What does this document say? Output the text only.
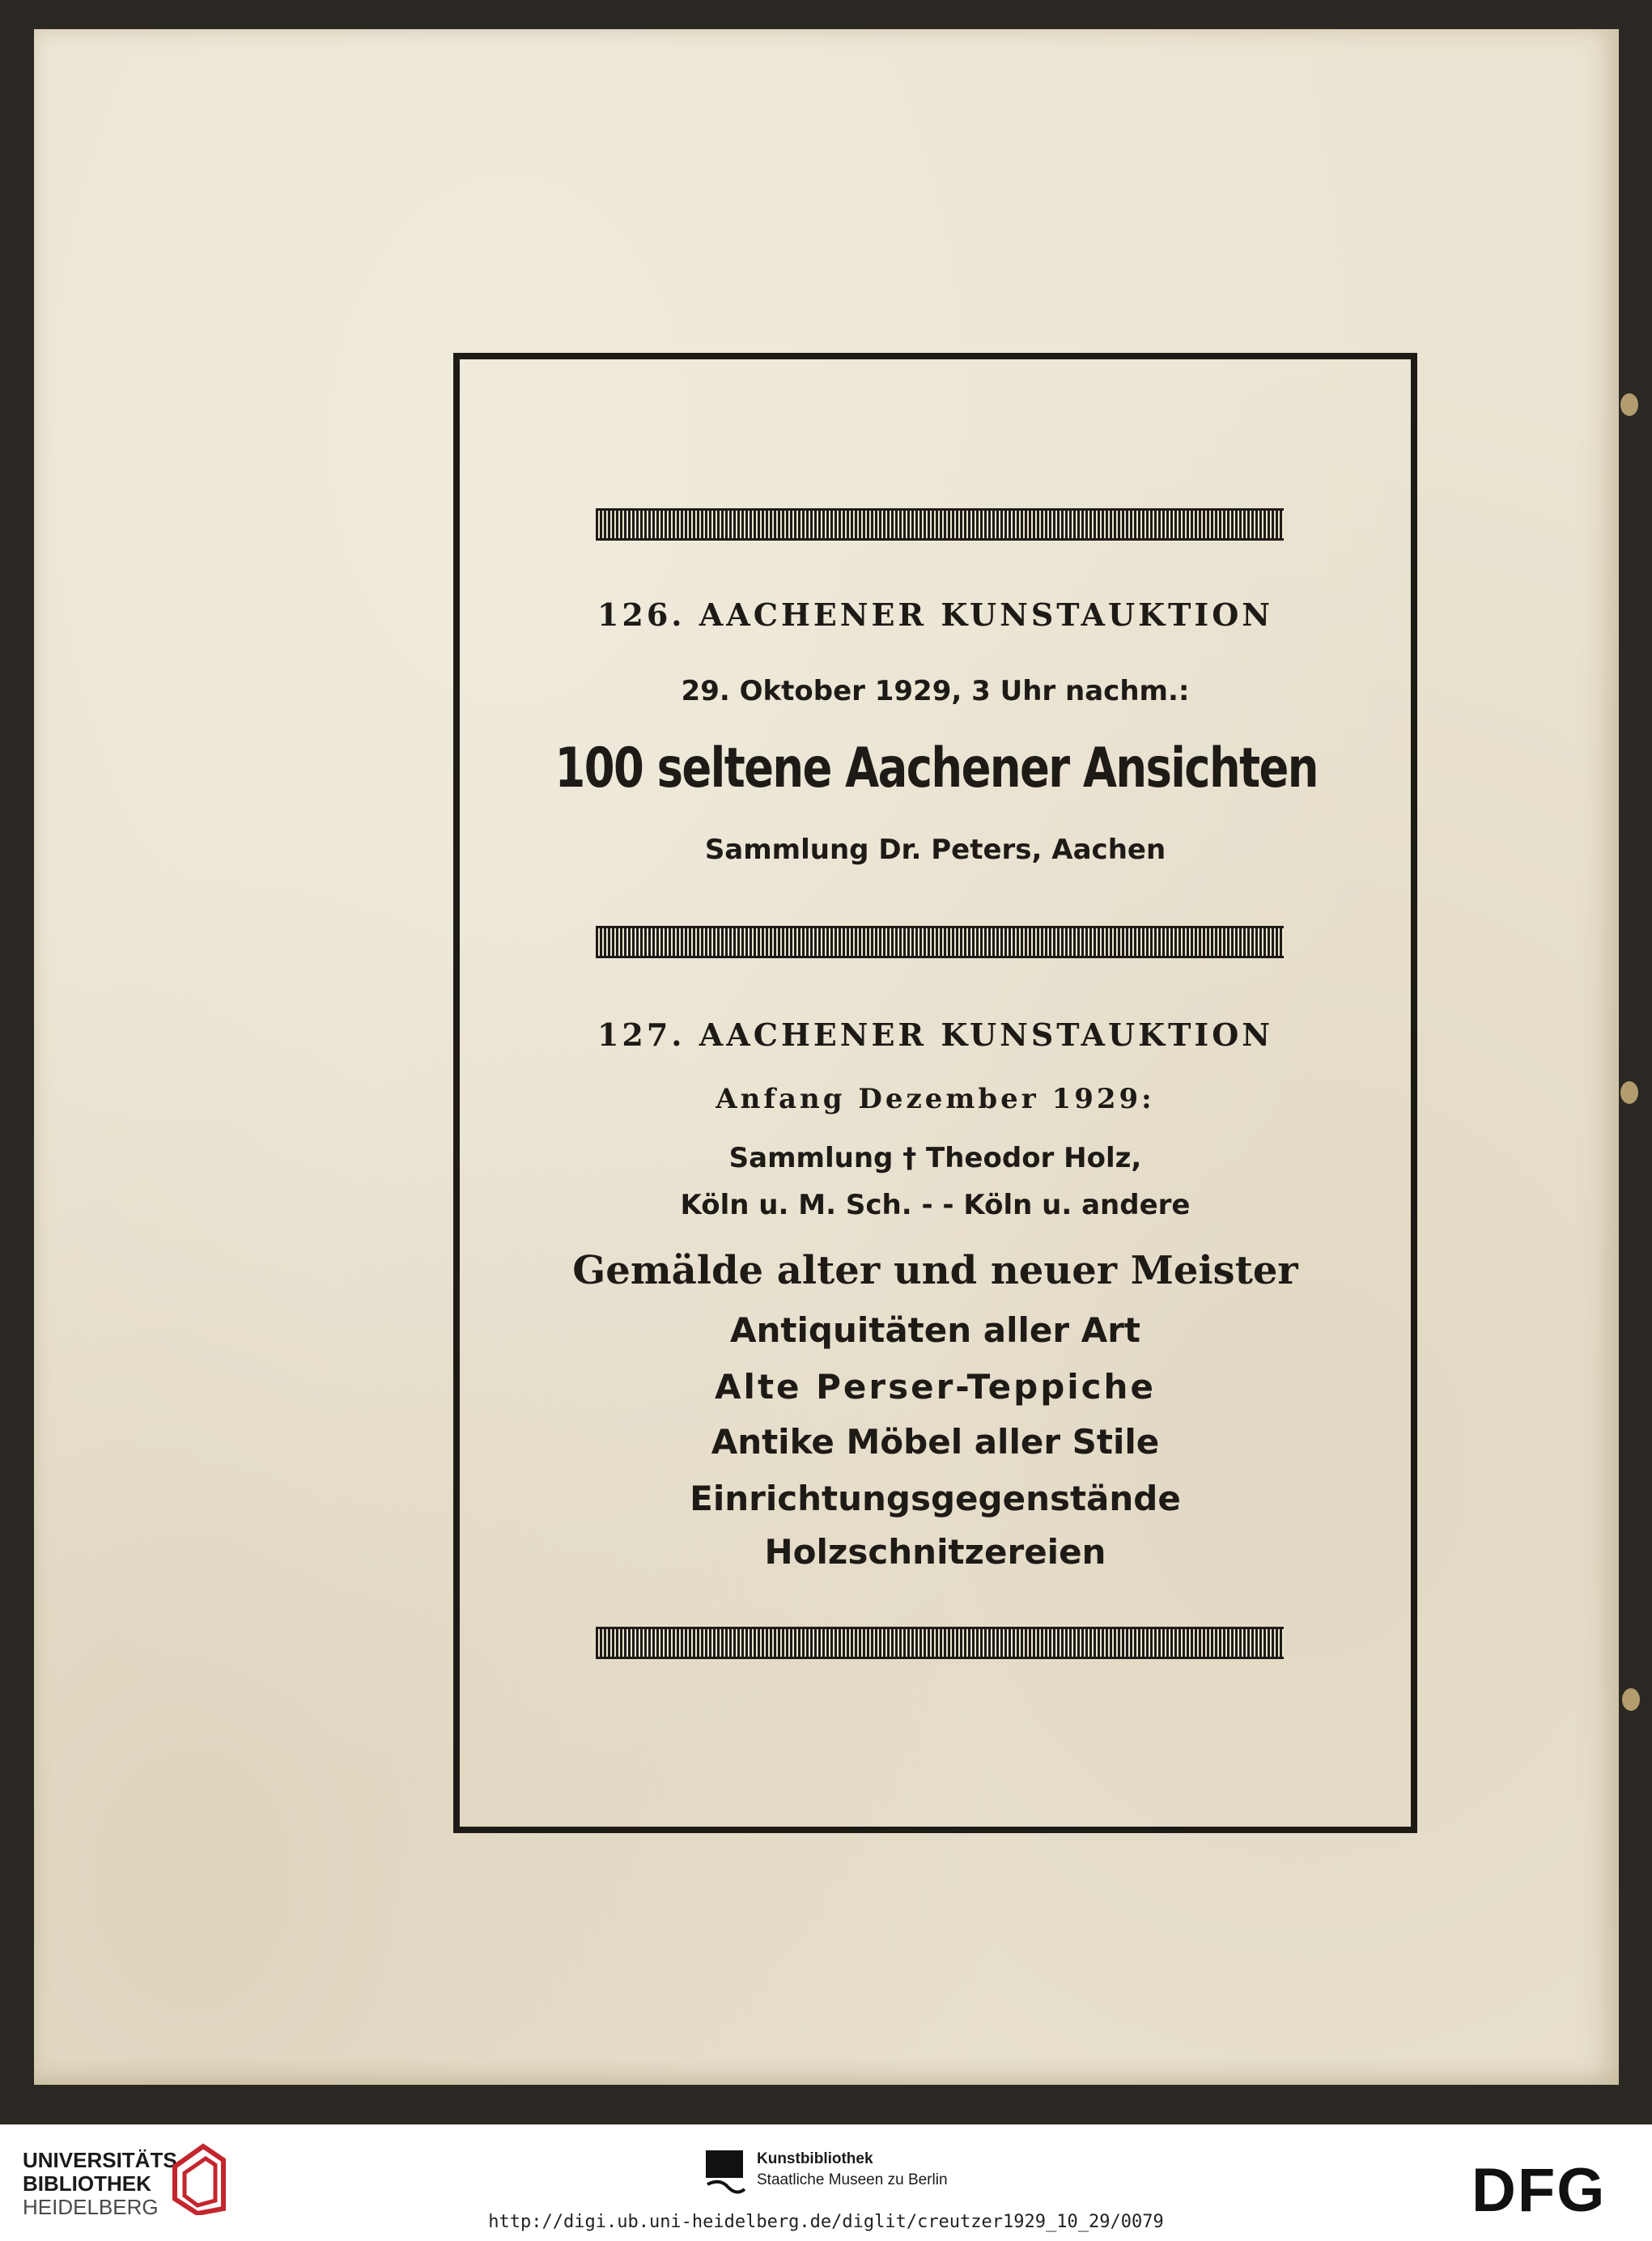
126. AACHENER KUNSTAUKTION
29. Oktober 1929, 3 Uhr nachm.:
100 seltene Aachener Ansichten
Sammlung Dr. Peters, Aachen
127. AACHENER KUNSTAUKTION
Anfang Dezember 1929:
Sammlung † Theodor Holz,
Köln u. M. Sch. - - Köln u. andere
Gemälde alter und neuer Meister
Antiquitäten aller Art
Alte Perser-Teppiche
Antike Möbel aller Stile
Einrichtungsgegenstände
Holzschnitzereien
UNIVERSITÄTS-
BIBLIOTHEK
HEIDELBERG
Kunstbibliothek
Staatliche Museen zu Berlin	DFG
http://digi.ub.uni-heidelberg.de/diglit/creutzer1929_10_29/0079
